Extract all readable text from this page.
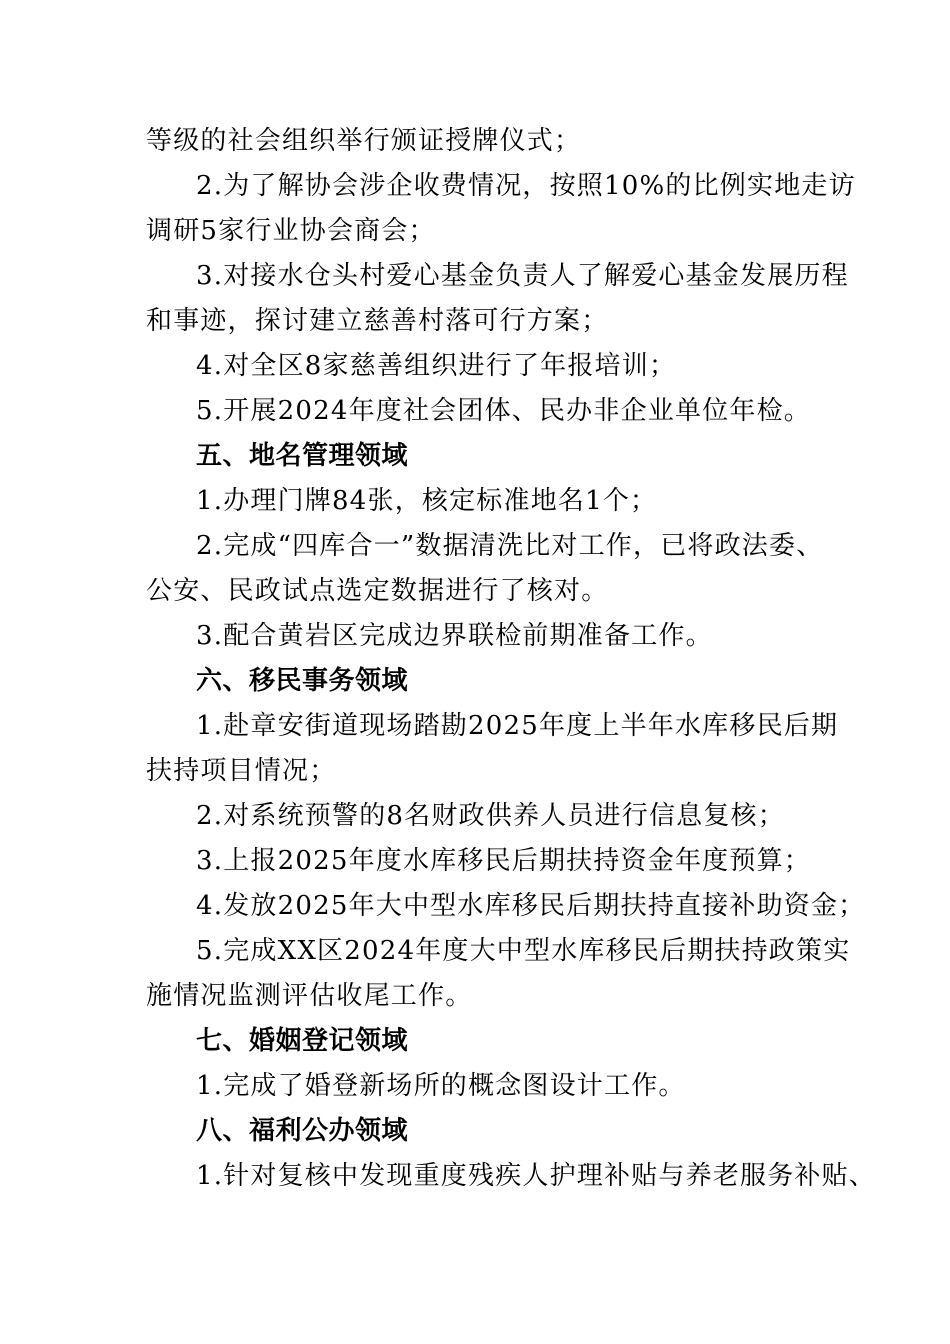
等级的社会组织举行颁证授牌仪式；
2.为了解协会涉企收费情况，按照10%的比例实地走访
调研5家行业协会商会；
3.对接水仓头村爱心基金负责人了解爱心基金发展历程
和事迹，探讨建立慈善村落可行方案；
4.对全区8家慈善组织进行了年报培训；
5.开展2024年度社会团体、民办非企业单位年检。
五、地名管理领域
1.办理门牌84张，核定标准地名1个；
2.完成“四库合一”数据清洗比对工作，已将政法委、
公安、民政试点选定数据进行了核对。
3.配合黄岩区完成边界联检前期准备工作。
六、移民事务领域
1.赴章安街道现场踏勘2025年度上半年水库移民后期
扶持项目情况；
2.对系统预警的8名财政供养人员进行信息复核；
3.上报2025年度水库移民后期扶持资金年度预算；
4.发放2025年大中型水库移民后期扶持直接补助资金；
5.完成XX区2024年度大中型水库移民后期扶持政策实
施情况监测评估收尾工作。
七、婚姻登记领域
1.完成了婚登新场所的概念图设计工作。
八、福利公办领域
1.针对复核中发现重度残疾人护理补贴与养老服务补贴、
